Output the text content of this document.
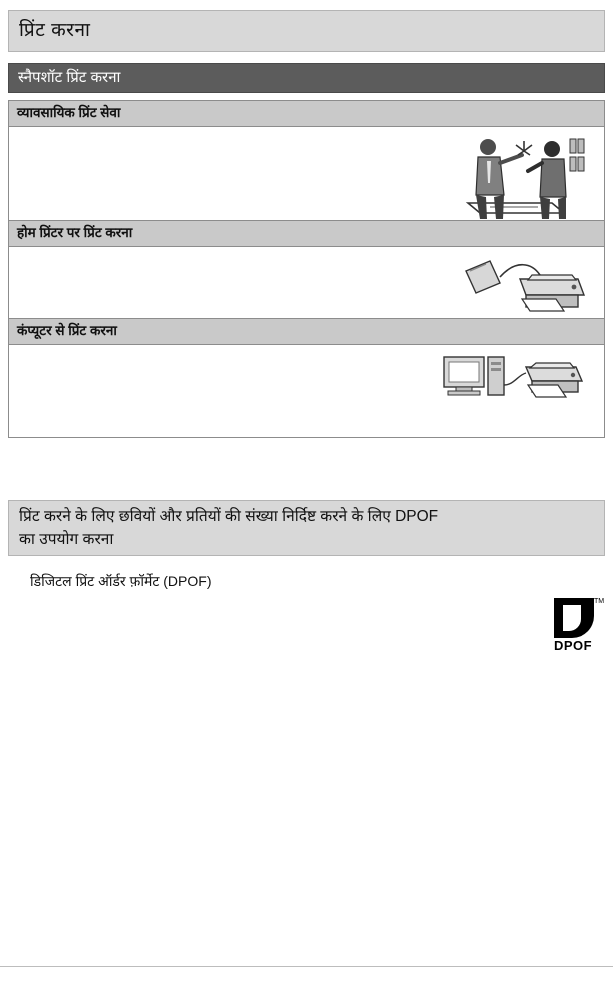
प्रिंट करना
स्नैपशॉट प्रिंट करना
व्यावसायिक प्रिंट सेवा
होम प्रिंटर पर प्रिंट करना
कंप्यूटर से प्रिंट करना
प्रिंट करने के लिए छवियों और प्रतियों की संख्या निर्दिष्ट करने के लिए DPOF
का उपयोग करना
डिजिटल प्रिंट ऑर्डर फ़ॉर्मेट (DPOF)
TM
DPOF
